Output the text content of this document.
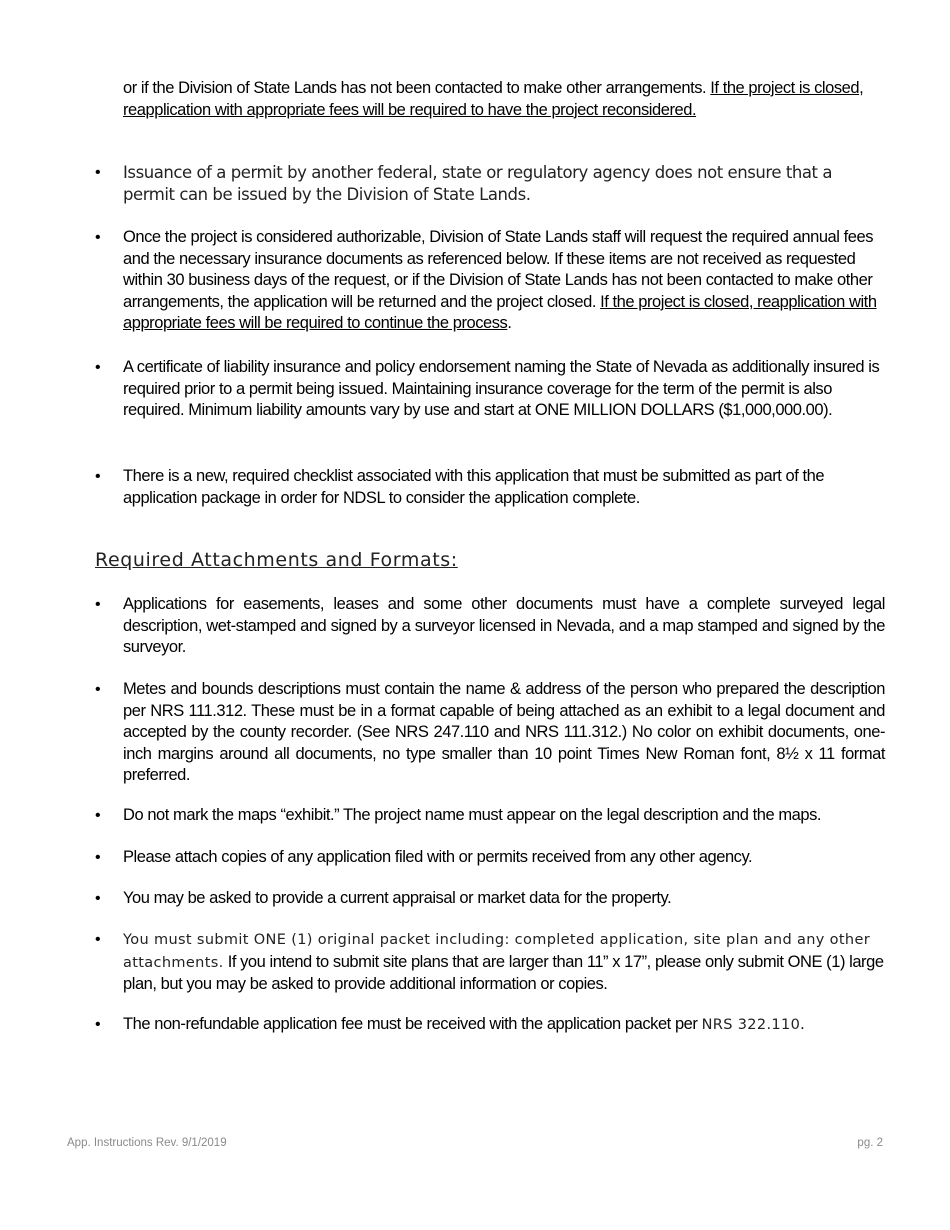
or if the Division of State Lands has not been contacted to make other arrangements. If the project is closed, reapplication with appropriate fees will be required to have the project reconsidered.
• Issuance of a permit by another federal, state or regulatory agency does not ensure that a permit can be issued by the Division of State Lands.
• Once the project is considered authorizable, Division of State Lands staff will request the required annual fees and the necessary insurance documents as referenced below. If these items are not received as requested within 30 business days of the request, or if the Division of State Lands has not been contacted to make other arrangements, the application will be returned and the project closed. If the project is closed, reapplication with appropriate fees will be required to continue the process.
• A certificate of liability insurance and policy endorsement naming the State of Nevada as additionally insured is required prior to a permit being issued. Maintaining insurance coverage for the term of the permit is also required. Minimum liability amounts vary by use and start at ONE MILLION DOLLARS ($1,000,000.00).
• There is a new, required checklist associated with this application that must be submitted as part of the application package in order for NDSL to consider the application complete.
Required Attachments and Formats:
• Applications for easements, leases and some other documents must have a complete surveyed legal description, wet-stamped and signed by a surveyor licensed in Nevada, and a map stamped and signed by the surveyor.
• Metes and bounds descriptions must contain the name & address of the person who prepared the description per NRS 111.312. These must be in a format capable of being attached as an exhibit to a legal document and accepted by the county recorder. (See NRS 247.110 and NRS 111.312.) No color on exhibit documents, one-inch margins around all documents, no type smaller than 10 point Times New Roman font, 8½ x 11 format preferred.
• Do not mark the maps “exhibit.” The project name must appear on the legal description and the maps.
• Please attach copies of any application filed with or permits received from any other agency.
• You may be asked to provide a current appraisal or market data for the property.
• You must submit ONE (1) original packet including: completed application, site plan and any other attachments. If you intend to submit site plans that are larger than 11” x 17”, please only submit ONE (1) large plan, but you may be asked to provide additional information or copies.
• The non-refundable application fee must be received with the application packet per NRS 322.110.
App. Instructions Rev. 9/1/2019	pg. 2
